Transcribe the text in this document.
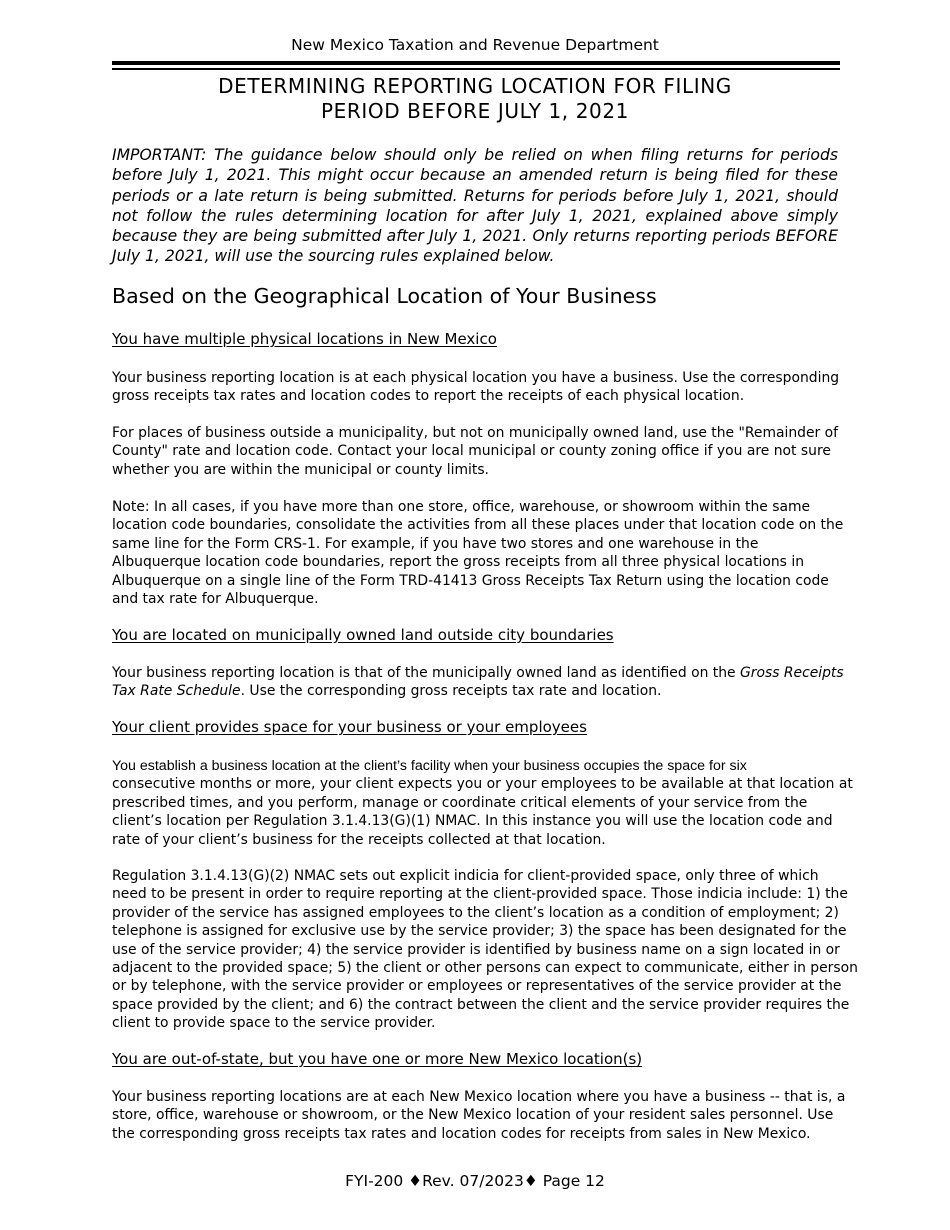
New Mexico Taxation and Revenue Department
DETERMINING REPORTING LOCATION FOR FILING
PERIOD BEFORE JULY 1, 2021
IMPORTANT: The guidance below should only be relied on when filing returns for periods before July 1, 2021. This might occur because an amended return is being filed for these periods or a late return is being submitted. Returns for periods before July 1, 2021, should not follow the rules determining location for after July 1, 2021, explained above simply because they are being submitted after July 1, 2021. Only returns reporting periods BEFORE July 1, 2021, will use the sourcing rules explained below.
Based on the Geographical Location of Your Business
You have multiple physical locations in New Mexico
Your business reporting location is at each physical location you have a business. Use the corresponding
gross receipts tax rates and location codes to report the receipts of each physical location.
For places of business outside a municipality, but not on municipally owned land, use the "Remainder of
County" rate and location code. Contact your local municipal or county zoning office if you are not sure
whether you are within the municipal or county limits.
Note: In all cases, if you have more than one store, office, warehouse, or showroom within the same
location code boundaries, consolidate the activities from all these places under that location code on the
same line for the Form CRS-1. For example, if you have two stores and one warehouse in the
Albuquerque location code boundaries, report the gross receipts from all three physical locations in
Albuquerque on a single line of the Form TRD-41413 Gross Receipts Tax Return using the location code
and tax rate for Albuquerque.
You are located on municipally owned land outside city boundaries
Your business reporting location is that of the municipally owned land as identified on the Gross Receipts
Tax Rate Schedule. Use the corresponding gross receipts tax rate and location.
Your client provides space for your business or your employees
You establish a business location at the client’s facility when your business occupies the space for six
consecutive months or more, your client expects you or your employees to be available at that location at
prescribed times, and you perform, manage or coordinate critical elements of your service from the
client’s location per Regulation 3.1.4.13(G)(1) NMAC. In this instance you will use the location code and
rate of your client’s business for the receipts collected at that location.
Regulation 3.1.4.13(G)(2) NMAC sets out explicit indicia for client-provided space, only three of which
need to be present in order to require reporting at the client-provided space. Those indicia include: 1) the
provider of the service has assigned employees to the client’s location as a condition of employment; 2)
telephone is assigned for exclusive use by the service provider; 3) the space has been designated for the
use of the service provider; 4) the service provider is identified by business name on a sign located in or
adjacent to the provided space; 5) the client or other persons can expect to communicate, either in person
or by telephone, with the service provider or employees or representatives of the service provider at the
space provided by the client; and 6) the contract between the client and the service provider requires the
client to provide space to the service provider.
You are out-of-state, but you have one or more New Mexico location(s)
Your business reporting locations are at each New Mexico location where you have a business -- that is, a
store, office, warehouse or showroom, or the New Mexico location of your resident sales personnel. Use
the corresponding gross receipts tax rates and location codes for receipts from sales in New Mexico.
FYI-200 ♦Rev. 07/2023♦ Page 12
